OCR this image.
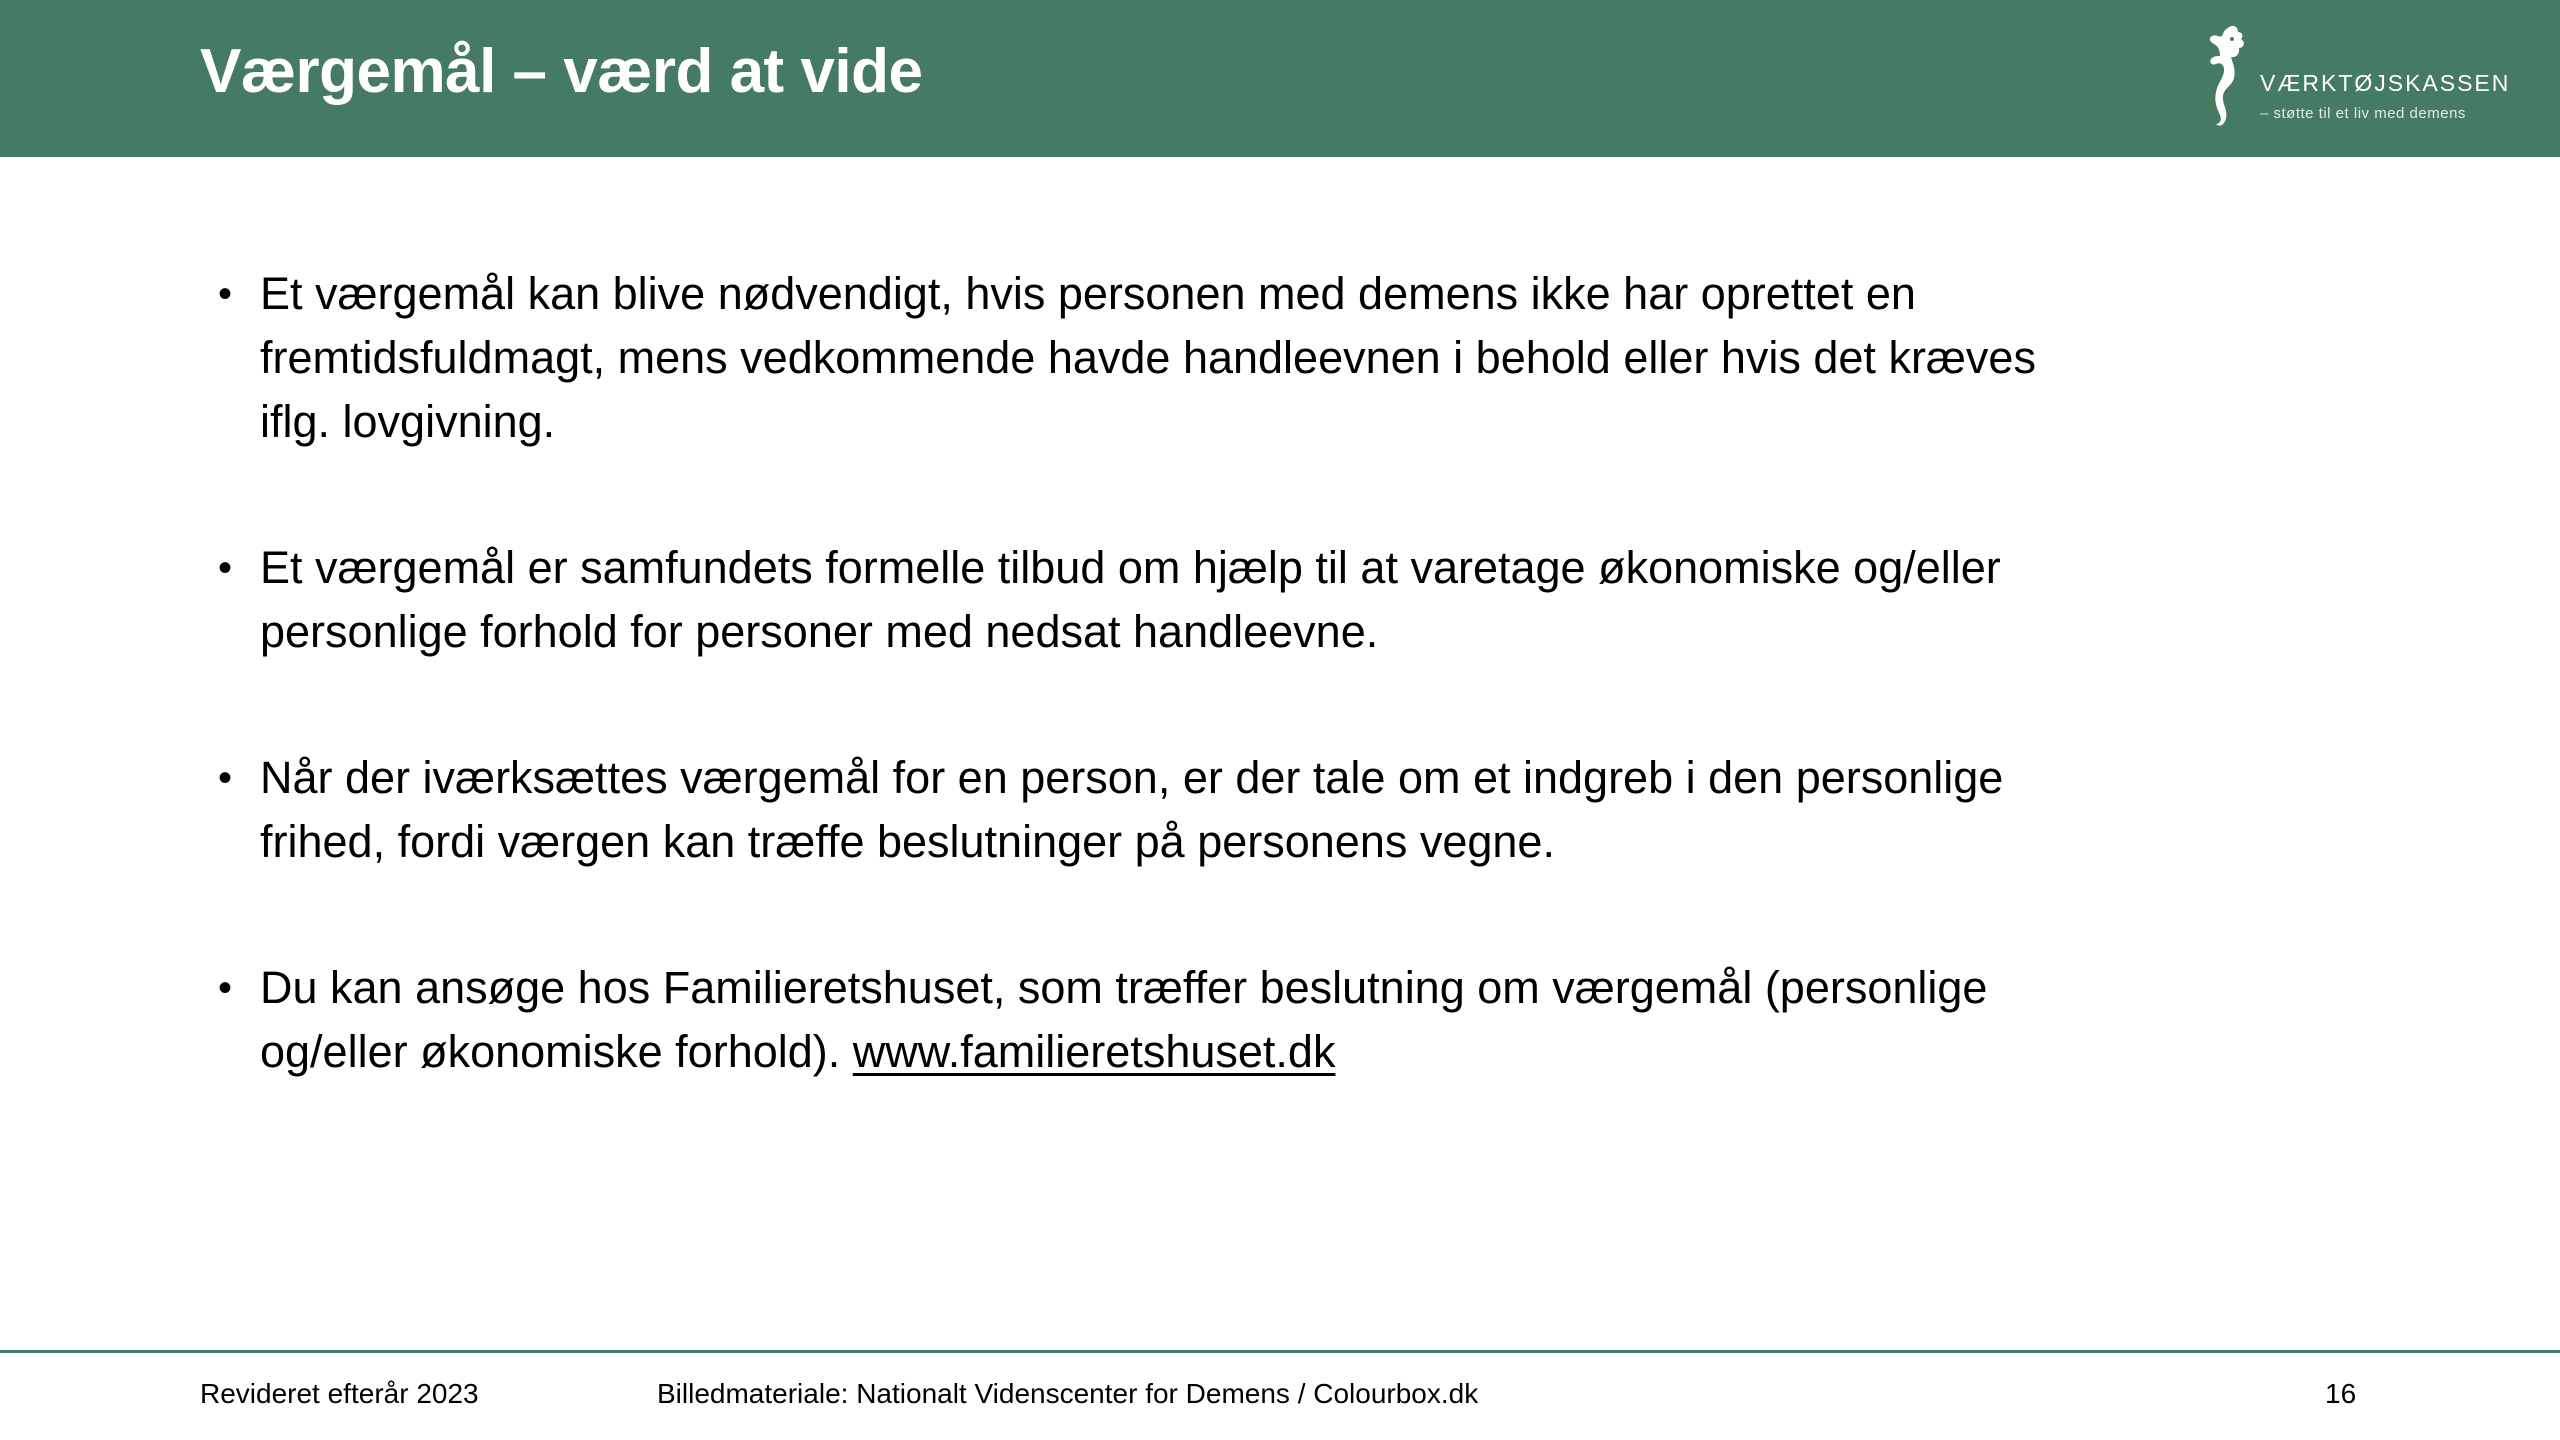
Værgemål – værd at vide	VÆRKTØJSKASSEN
– støtte til et liv med demens
• Et værgemål kan blive nødvendigt, hvis personen med demens ikke har oprettet en fremtidsfuldmagt, mens vedkommende havde handleevnen i behold eller hvis det kræves iflg. lovgivning.
• Et værgemål er samfundets formelle tilbud om hjælp til at varetage økonomiske og/eller personlige forhold for personer med nedsat handleevne.
• Når der iværksættes værgemål for en person, er der tale om et indgreb i den personlige frihed, fordi værgen kan træffe beslutninger på personens vegne.
• Du kan ansøge hos Familieretshuset, som træffer beslutning om værgemål (personlige og/eller økonomiske forhold). www.familieretshuset.dk
Revideret efterår 2023	Billedmateriale: Nationalt Videnscenter for Demens / Colourbox.dk	16
